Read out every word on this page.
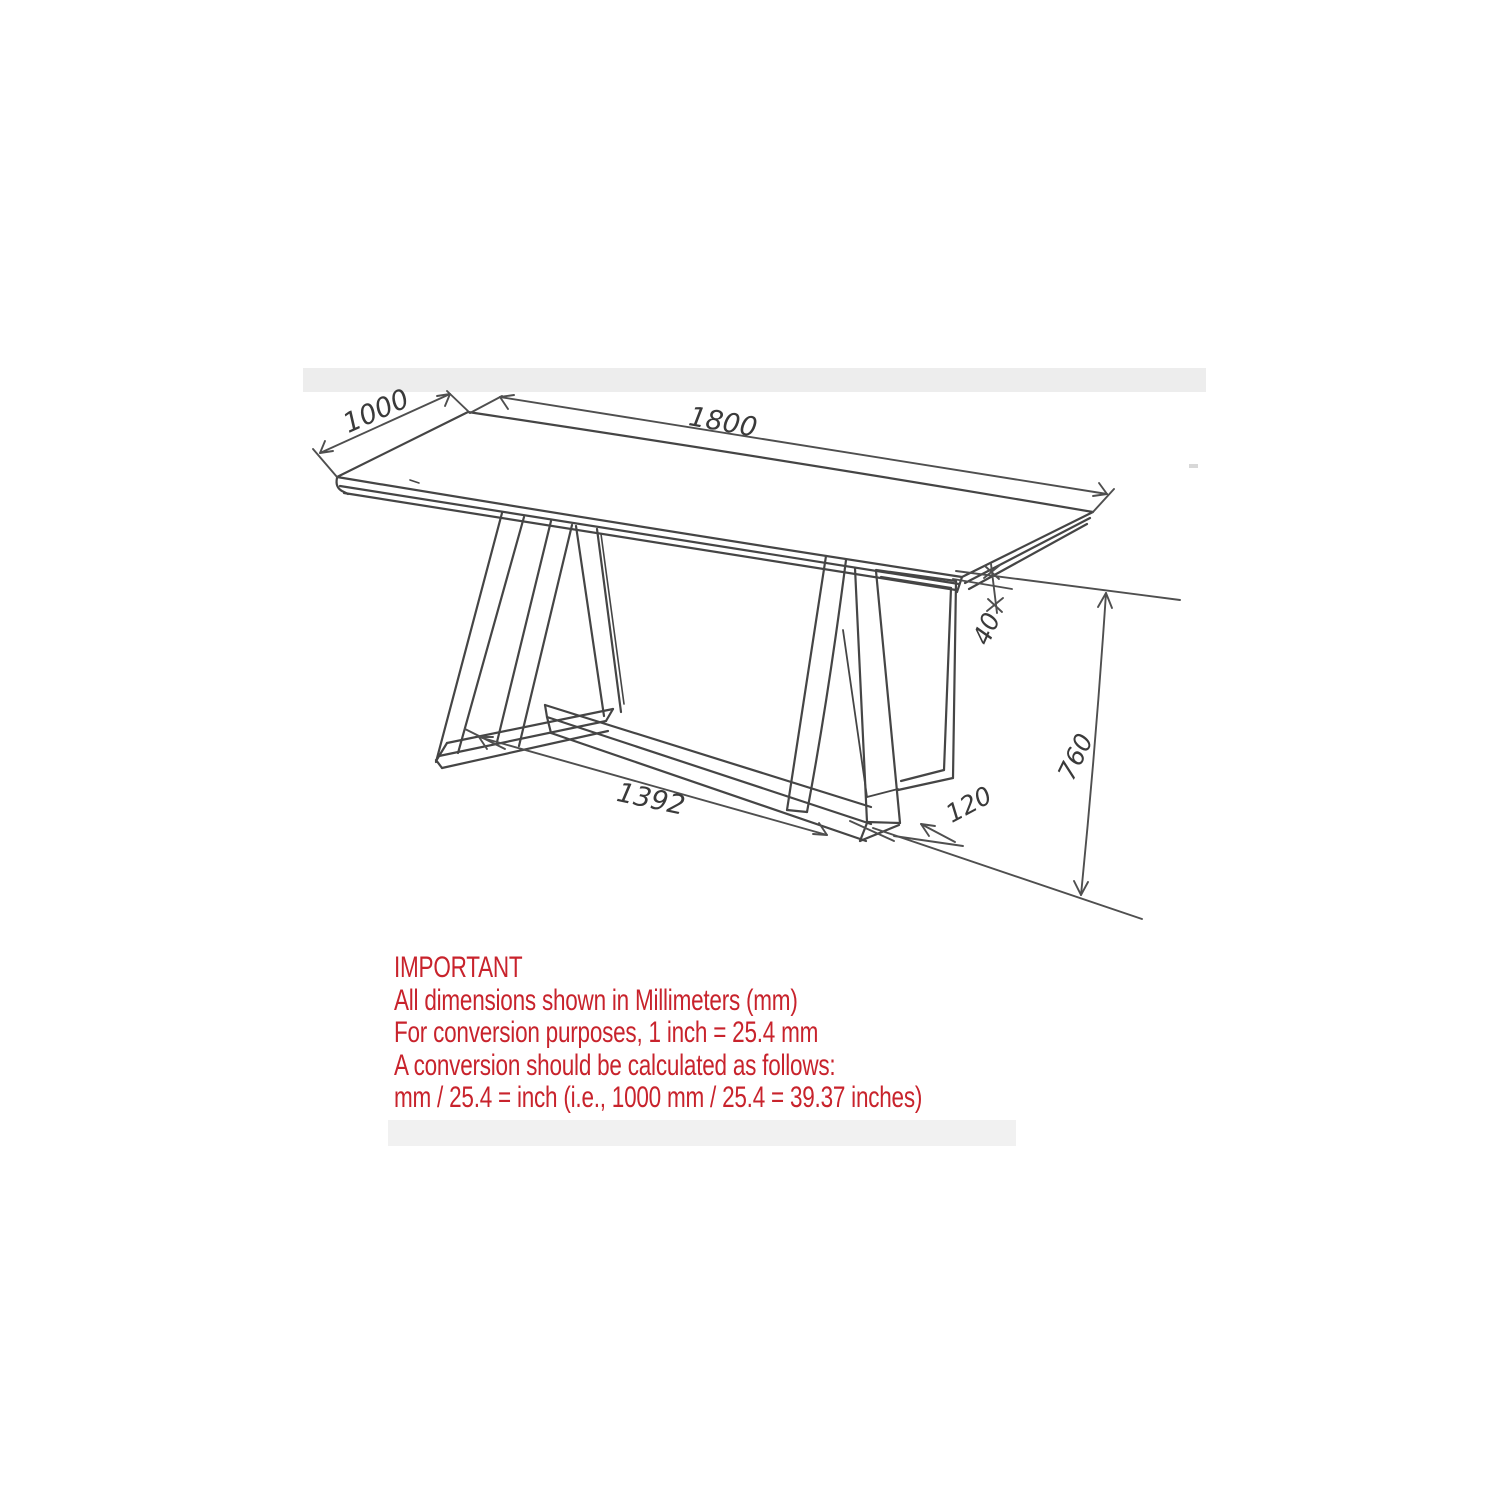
1000	1800
40
760
1392	120
IMPORTANT
All dimensions shown in Millimeters (mm)
For conversion purposes, 1 inch = 25.4 mm
A conversion should be calculated as follows:
mm / 25.4 = inch (i.e., 1000 mm / 25.4 = 39.37 inches)
